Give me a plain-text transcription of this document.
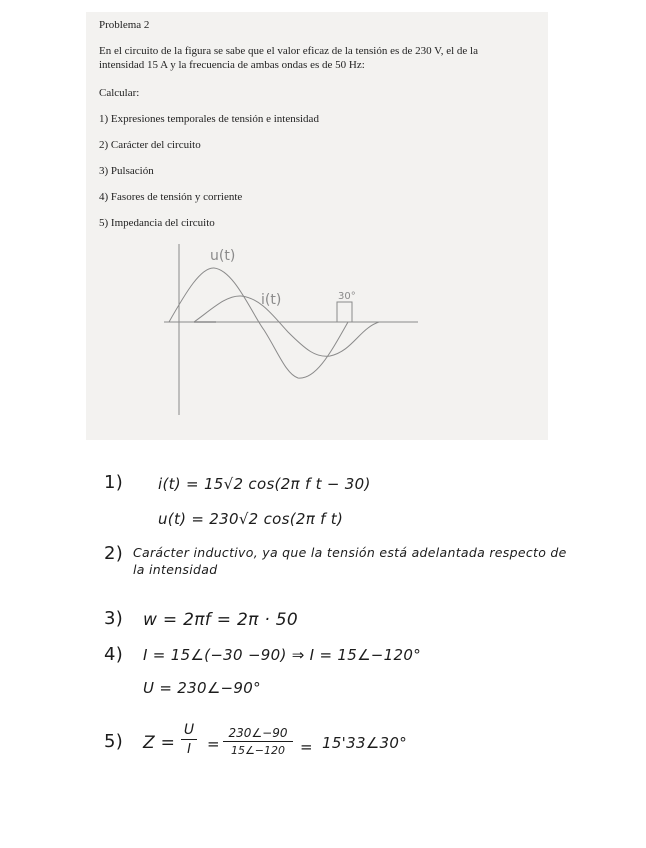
Problema 2
En el circuito de la figura se sabe que el valor eficaz de la tensión es de 230 V, el de la
intensidad 15 A y la frecuencia de ambas ondas es de 50 Hz:
Calcular:
1) Expresiones temporales de tensión e intensidad
2) Carácter del circuito
3) Pulsación
4) Fasores de tensión y corriente
5) Impedancia del circuito
u(t)
i(t)	30°
1) i(t) = 15√2 cos(2π f t − 30)
u(t) = 230√2 cos(2π f t)
2) Carácter inductivo, ya que la tensión está adelantada respecto de
la intensidad
3) w = 2πf = 2π · 50
4) I = 15∠(−30 −90) ⇒ I = 15∠−120°
U = 230∠−90°
5) Z =
U
I	=
230∠−90
15∠−120 = 15'33∠30°
